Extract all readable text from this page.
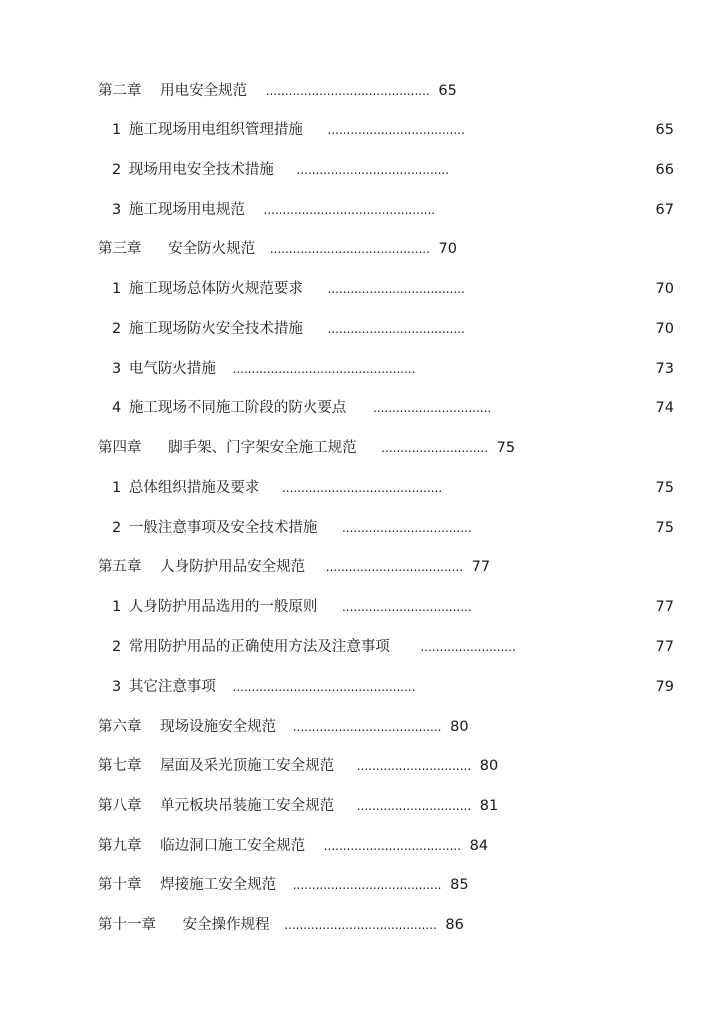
第二章 用电安全规范 ........................................... 65
1 施工现场用电组织管理措施 ....................................	65
2 现场用电安全技术措施 ........................................	66
3 施工现场用电规范 .............................................	67
第三章 安全防火规范 .......................................... 70
1 施工现场总体防火规范要求 ....................................	70
2 施工现场防火安全技术措施 ....................................	70
3 电气防火措施 ................................................	73
4 施工现场不同施工阶段的防火要点 ...............................	74
第四章 脚手架、门字架安全施工规范 ............................ 75
1 总体组织措施及要求 ..........................................	75
2 一般注意事项及安全技术措施 ..................................	75
第五章 人身防护用品安全规范 .................................... 77
1 人身防护用品选用的一般原则 ..................................	77
2 常用防护用品的正确使用方法及注意事项	.........................	77
3 其它注意事项 ................................................	79
第六章 现场设施安全规范 ....................................... 80
第七章 屋面及采光顶施工安全规范 .............................. 80
第八章 单元板块吊装施工安全规范 .............................. 81
第九章 临边洞口施工安全规范 .................................... 84
第十章 焊接施工安全规范 ....................................... 85
第十一章 安全操作规程 ........................................ 86
